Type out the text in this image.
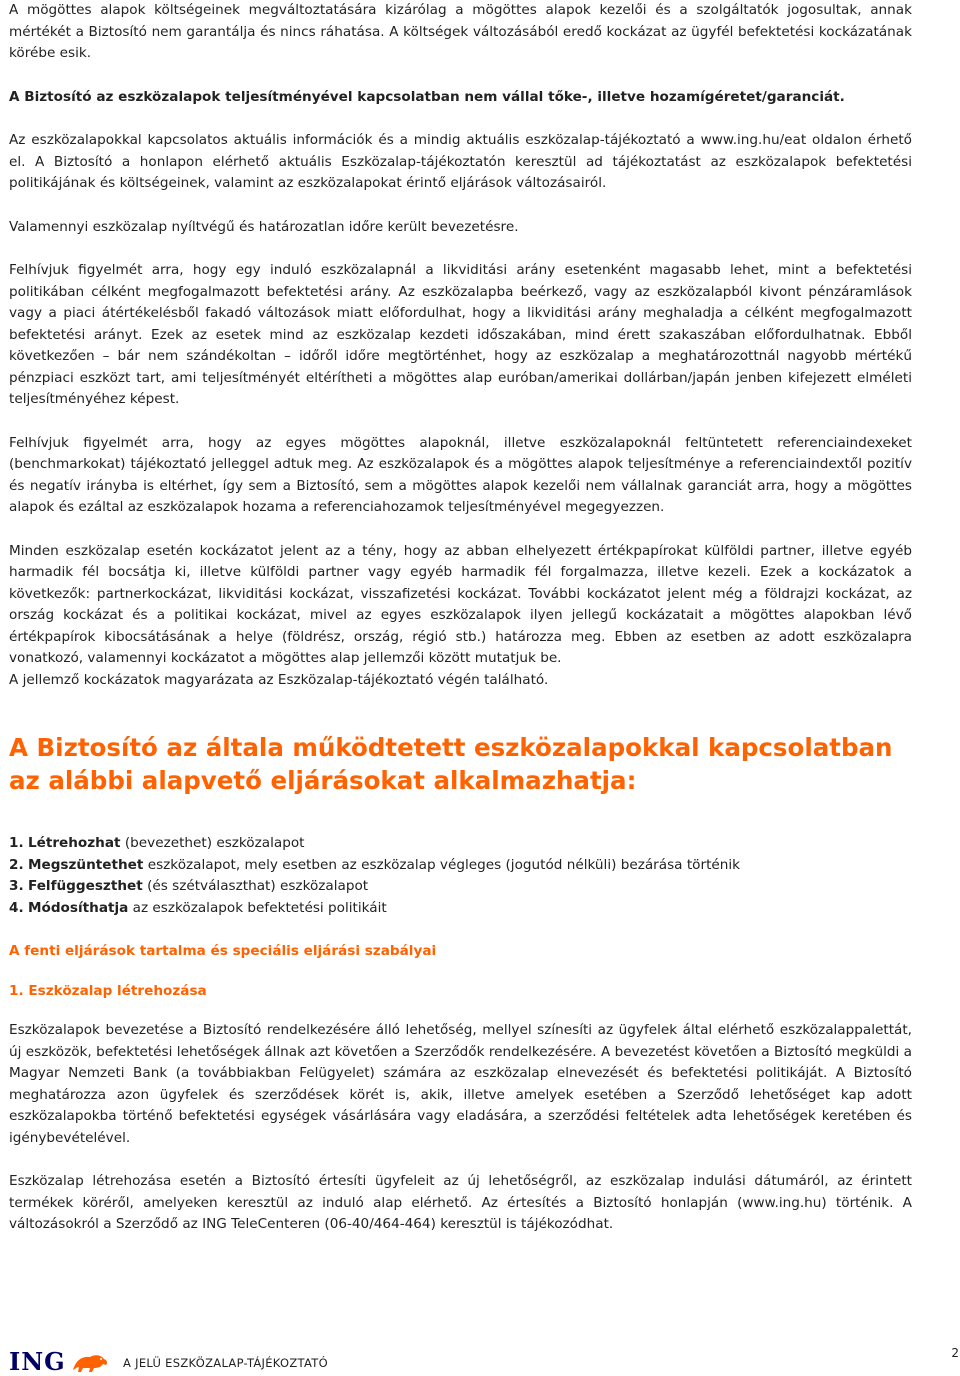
A mögöttes alapok költségeinek megváltoztatására kizárólag a mögöttes alapok kezelői és a szolgáltatók jogosultak, annak mértékét a Biztosító nem garantálja és nincs ráhatása. A költségek változásából eredő kockázat az ügyfél befektetési kockázatának körébe esik.

A Biztosító az eszközalapok teljesítményével kapcsolatban nem vállal tőke-, illetve hozamígéretet/garanciát.

Az eszközalapokkal kapcsolatos aktuális információk és a mindig aktuális eszközalap-tájékoztató a www.ing.hu/eat oldalon érhető el. A Biztosító a honlapon elérhető aktuális Eszközalap-tájékoztatón keresztül ad tájékoztatást az eszközalapok befektetési politikájának és költségeinek, valamint az eszközalapokat érintő eljárások változásairól.

Valamennyi eszközalap nyíltvégű és határozatlan időre került bevezetésre.

Felhívjuk figyelmét arra, hogy egy induló eszközalapnál a likviditási arány esetenként magasabb lehet, mint a befektetési politikában célként megfogalmazott befektetési arány. Az eszközalapba beérkező, vagy az eszközalapból kivont pénzáramlások vagy a piaci átértékelésből fakadó változások miatt előfordulhat, hogy a likviditási arány meghaladja a célként megfogalmazott befektetési arányt. Ezek az esetek mind az eszközalap kezdeti időszakában, mind érett szakaszában előfordulhatnak. Ebből következően – bár nem szándékoltan – időről időre megtörténhet, hogy az eszközalap a meghatározottnál nagyobb mértékű pénzpiaci eszközt tart, ami teljesítményét eltérítheti a mögöttes alap euróban/amerikai dollárban/japán jenben kifejezett elméleti teljesítményéhez képest.

Felhívjuk figyelmét arra, hogy az egyes mögöttes alapoknál, illetve eszközalapoknál feltüntetett referenciaindexeket (benchmarkokat) tájékoztató jelleggel adtuk meg. Az eszközalapok és a mögöttes alapok teljesítménye a referenciaindextől pozitív és negatív irányba is eltérhet, így sem a Biztosító, sem a mögöttes alapok kezelői nem vállalnak garanciát arra, hogy a mögöttes alapok és ezáltal az eszközalapok hozama a referenciahozamok teljesítményével megegyezzen.

Minden eszközalap esetén kockázatot jelent az a tény, hogy az abban elhelyezett értékpapírokat külföldi partner, illetve egyéb harmadik fél bocsátja ki, illetve külföldi partner vagy egyéb harmadik fél forgalmazza, illetve kezeli. Ezek a kockázatok a következők: partnerkockázat, likviditási kockázat, visszafizetési kockázat. További kockázatot jelent még a földrajzi kockázat, az ország kockázat és a politikai kockázat, mivel az egyes eszközalapok ilyen jellegű kockázatait a mögöttes alapokban lévő értékpapírok kibocsátásának a helye (földrész, ország, régió stb.) határozza meg. Ebben az esetben az adott eszközalapra vonatkozó, valamennyi kockázatot a mögöttes alap jellemzői között mutatjuk be.

A jellemző kockázatok magyarázata az Eszközalap-tájékoztató végén található.

A Biztosító az általa működtetett eszközalapokkal kapcsolatban az alábbi alapvető eljárásokat alkalmazhatja:

1. Létrehozhat (bevezethet) eszközalapot

2. Megszüntethet eszközalapot, mely esetben az eszközalap végleges (jogutód nélküli) bezárása történik

3. Felfüggeszthet (és szétválaszthat) eszközalapot

4. Módosíthatja az eszközalapok befektetési politikáit

A fenti eljárások tartalma és speciális eljárási szabályai
1. Eszközalap létrehozása

Eszközalapok bevezetése a Biztosító rendelkezésére álló lehetőség, mellyel színesíti az ügyfelek által elérhető eszközalappalettát, új eszközök, befektetési lehetőségek állnak azt követően a Szerződők rendelkezésére. A bevezetést követően a Biztosító megküldi a Magyar Nemzeti Bank (a továbbiakban Felügyelet) számára az eszközalap elnevezését és befektetési politikáját. A Biztosító meghatározza azon ügyfelek és szerződések körét is, akik, illetve amelyek esetében a Szerződő lehetőséget kap adott eszközalapokba történő befektetési egységek vásárlására vagy eladására, a szerződési feltételek adta lehetőségek keretében és igénybevételével.

Eszközalap létrehozása esetén a Biztosító értesíti ügyfeleit az új lehetőségről, az eszközalap indulási dátumáról, az érintett termékek köréről, amelyeken keresztül az induló alap elérhető. Az értesítés a Biztosító honlapján (www.ing.hu) történik. A változásokról a Szerződő az ING TeleCenteren (06-40/464-464) keresztül is tájékozódhat.

ING	A JELÜ ESZKÖZALAP-TÁJÉKOZTATÓ
2
